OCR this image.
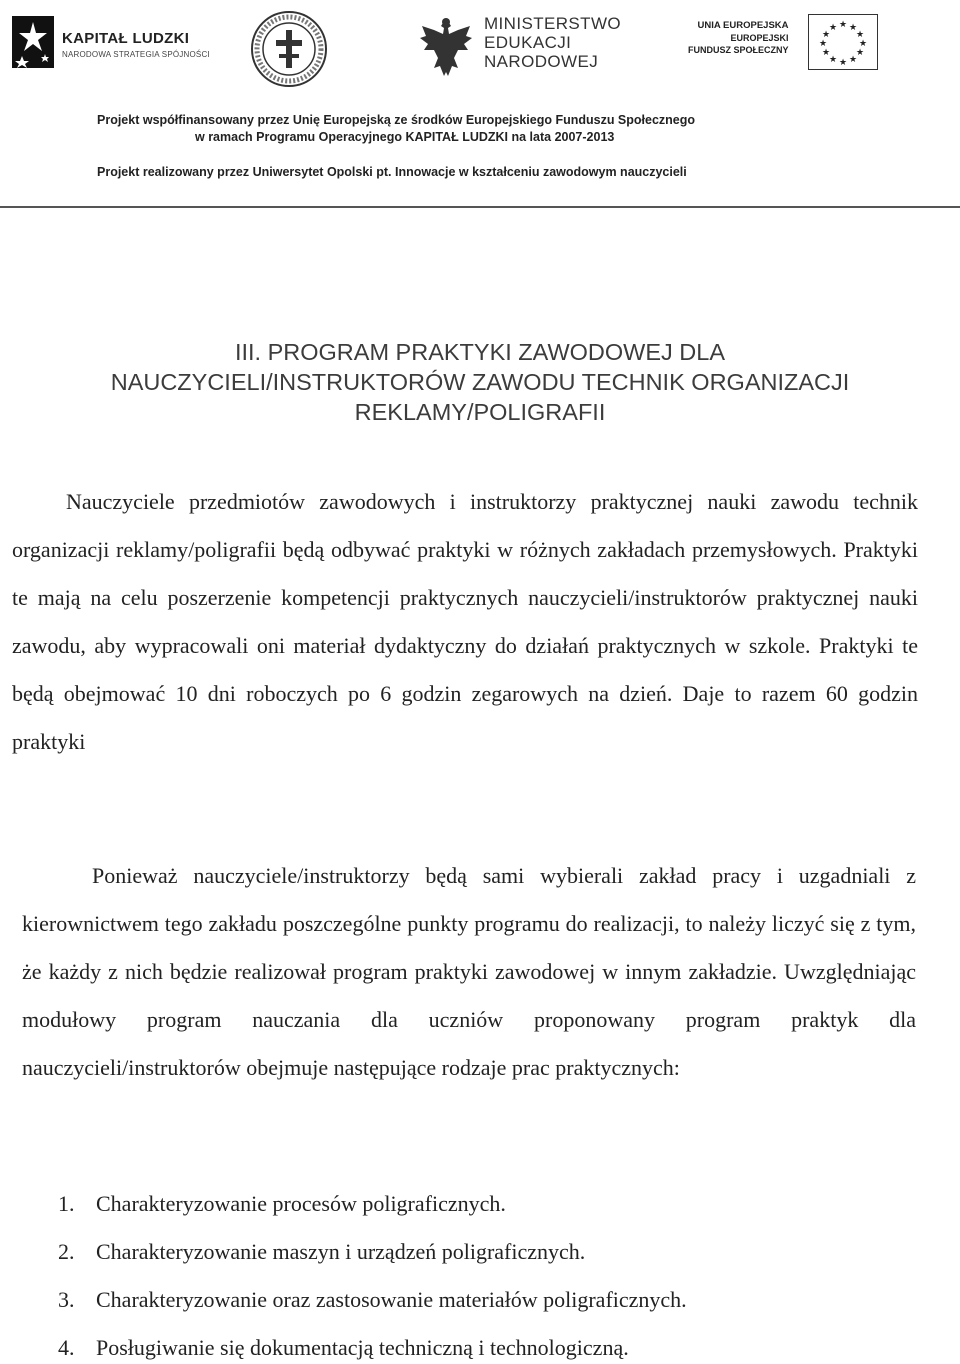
KAPITAŁ LUDZKI
NARODOWA STRATEGIA SPÓJNOŚCI
MINISTERSTWO
EDUKACJI
NARODOWEJ
UNIA EUROPEJSKA
EUROPEJSKI
FUNDUSZ SPOŁECZNY
★ ★
★
★
★
★
★
★
★
★
★
★
Projekt współfinansowany przez Unię Europejską ze środków Europejskiego Funduszu Społecznego
w ramach Programu Operacyjnego KAPITAŁ LUDZKI na lata 2007-2013
Projekt realizowany przez Uniwersytet Opolski pt. Innowacje w kształceniu zawodowym nauczycieli
III. PROGRAM PRAKTYKI ZAWODOWEJ DLA
NAUCZYCIELI/INSTRUKTORÓW ZAWODU TECHNIK ORGANIZACJI
REKLAMY/POLIGRAFII

Nauczyciele przedmiotów zawodowych i instruktorzy praktycznej nauki zawodu technik organizacji reklamy/poligrafii będą odbywać praktyki w różnych zakładach przemysłowych. Praktyki te mają na celu poszerzenie kompetencji praktycznych nauczycieli/instruktorów praktycznej nauki zawodu, aby wypracowali oni materiał dydaktyczny do działań praktycznych w szkole. Praktyki te będą obejmować 10 dni roboczych po 6 godzin zegarowych na dzień. Daje to razem 60 godzin praktyki

Ponieważ nauczyciele/instruktorzy będą sami wybierali zakład pracy i uzgadniali z kierownictwem tego zakładu poszczególne punkty programu do realizacji, to należy liczyć się z tym, że każdy z nich będzie realizował program praktyki zawodowej w innym zakładzie. Uwzględniając modułowy program nauczania dla uczniów proponowany program praktyk dla nauczycieli/instruktorów obejmuje następujące rodzaje prac praktycznych:

1. Charakteryzowanie procesów poligraficznych.
2. Charakteryzowanie maszyn i urządzeń poligraficznych.
3. Charakteryzowanie oraz zastosowanie materiałów poligraficznych.
4. Posługiwanie się dokumentacją techniczną i technologiczną.
